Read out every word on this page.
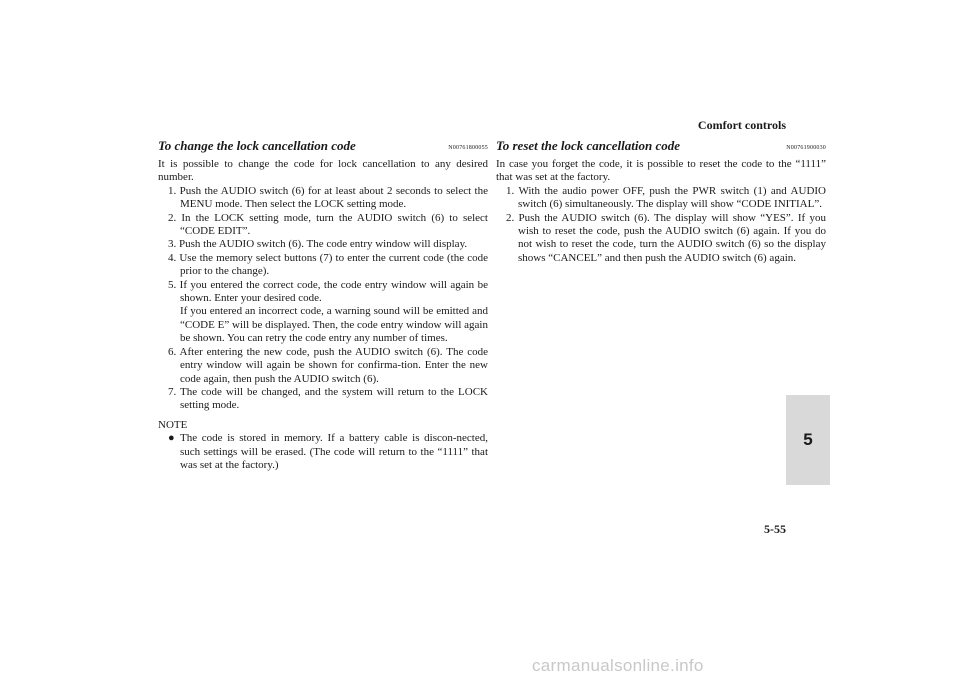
Comfort controls
5
To change the lock cancellation code	N00761800055

It is possible to change the code for lock cancellation to any desired number.

1. Push the AUDIO switch (6) for at least about 2 seconds to select the MENU mode. Then select the LOCK setting mode.
2. In the LOCK setting mode, turn the AUDIO switch (6) to select “CODE EDIT”.
3. Push the AUDIO switch (6). The code entry window will display.
4. Use the memory select buttons (7) to enter the current code (the code prior to the change).
5. If you entered the correct code, the code entry window will again be shown. Enter your desired code.
If you entered an incorrect code, a warning sound will be emitted and “CODE E” will be displayed. Then, the code entry window will again be shown. You can retry the code entry any number of times.
6. After entering the new code, push the AUDIO switch (6). The code entry window will again be shown for confirma-tion. Enter the new code again, then push the AUDIO switch (6).
7. The code will be changed, and the system will return to the LOCK setting mode.
NOTE
● The code is stored in memory. If a battery cable is discon-nected, such settings will be erased. (The code will return to the “1111” that was set at the factory.)
To reset the lock cancellation code	N00761900030

In case you forget the code, it is possible to reset the code to the “1111” that was set at the factory.

1. With the audio power OFF, push the PWR switch (1) and AUDIO switch (6) simultaneously. The display will show “CODE INITIAL”.
2. Push the AUDIO switch (6). The display will show “YES”. If you wish to reset the code, push the AUDIO switch (6) again. If you do not wish to reset the code, turn the AUDIO switch (6) so the display shows “CANCEL” and then push the AUDIO switch (6) again.
5-55
carmanualsonline.info
